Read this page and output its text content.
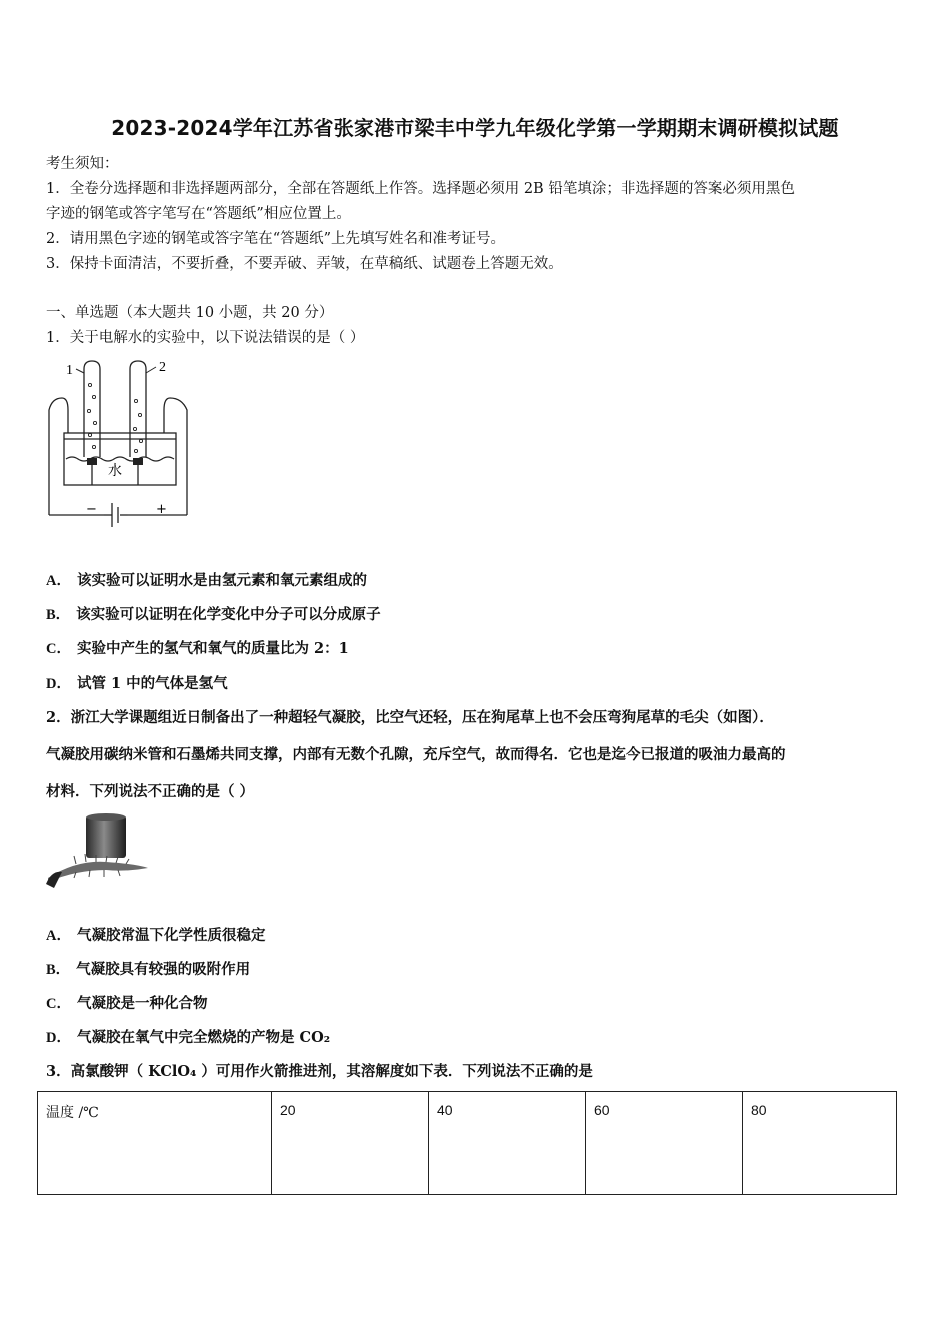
2023-2024学年江苏省张家港市梁丰中学九年级化学第一学期期末调研模拟试题
考生须知：
1．全卷分选择题和非选择题两部分，全部在答题纸上作答。选择题必须用 2B 铅笔填涂；非选择题的答案必须用黑色
字迹的钢笔或答字笔写在“答题纸”相应位置上。
2．请用黑色字迹的钢笔或答字笔在“答题纸”上先填写姓名和准考证号。
3．保持卡面清洁，不要折叠，不要弄破、弄皱，在草稿纸、试题卷上答题无效。
一、单选题（本大题共 10 小题，共 20 分）
1．关于电解水的实验中，以下说法错误的是（ ）
1	2
水
−	+
A． 该实验可以证明水是由氢元素和氧元素组成的
B． 该实验可以证明在化学变化中分子可以分成原子
C． 实验中产生的氢气和氧气的质量比为 2：1
D． 试管 1 中的气体是氢气
2．浙江大学课题组近日制备出了一种超轻气凝胶，比空气还轻，压在狗尾草上也不会压弯狗尾草的毛尖（如图）．
气凝胶用碳纳米管和石墨烯共同支撑，内部有无数个孔隙，充斥空气，故而得名．它也是迄今已报道的吸油力最高的
材料．下列说法不正确的是（ ）
A． 气凝胶常温下化学性质很稳定
B． 气凝胶具有较强的吸附作用
C． 气凝胶是一种化合物
D． 气凝胶在氧气中完全燃烧的产物是 CO₂
3．高氯酸钾（ KClO₄ ）可用作火箭推进剂，其溶解度如下表．下列说法不正确的是
温度 /℃	20	40	60	80
